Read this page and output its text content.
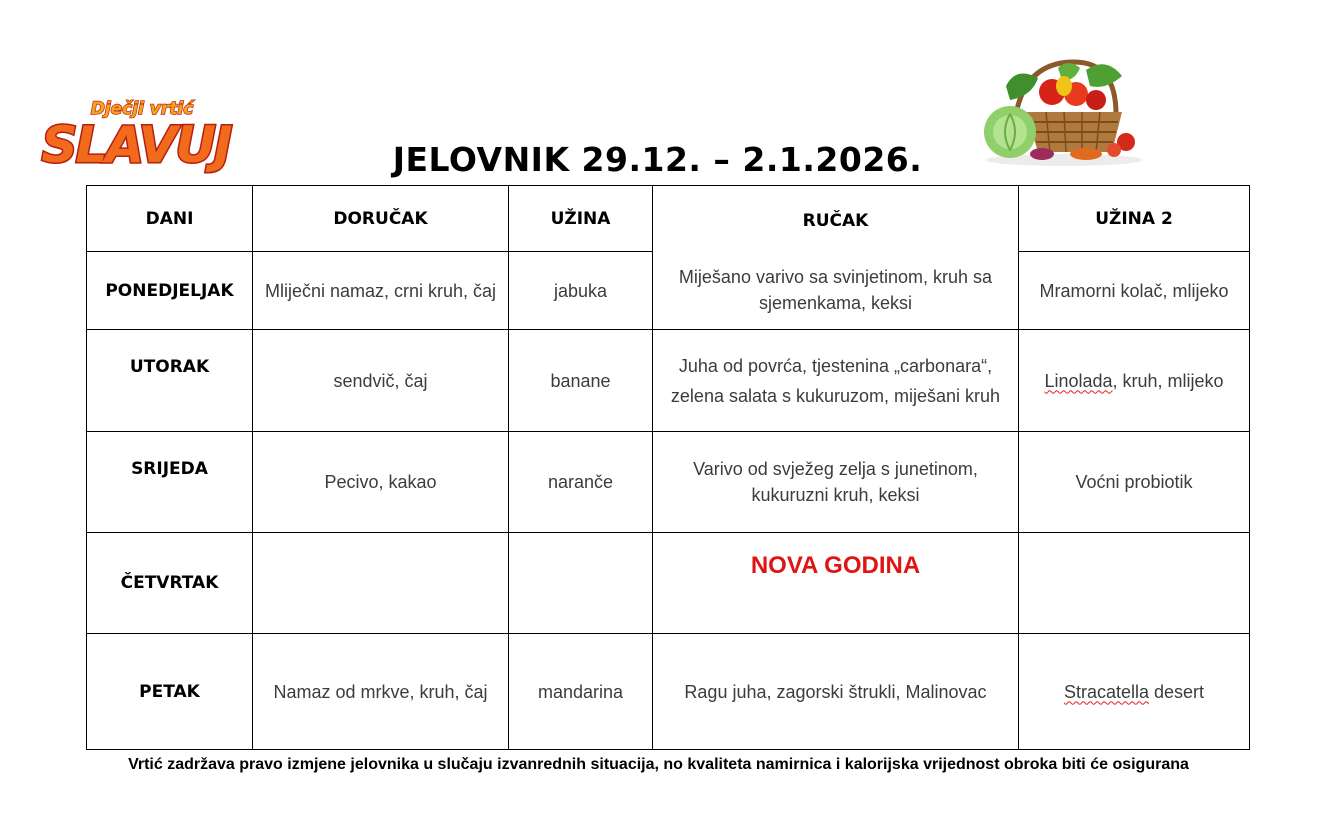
Dječji vrtić
SLAVUJ	JELOVNIK 29.12. – 2.1.2026.
DANI	DORUČAK	UŽINA	RUČAK	UŽINA 2
PONEDJELJAK	Mliječni namaz, crni kruh, čaj	jabuka	Miješano varivo sa svinjetinom, kruh sa sjemenkama, keksi	Mramorni kolač, mlijeko
UTORAK	sendvič, čaj	banane	Juha od povrća, tjestenina „carbonara“, zelena salata s kukuruzom, miješani kruh	Linolada, kruh, mlijeko
SRIJEDA	Pecivo, kakao	naranče	Varivo od svježeg zelja s junetinom, kukuruzni kruh, keksi	Voćni probiotik
ČETVRTAK			NOVA GODINA	
PETAK	Namaz od mrkve, kruh, čaj	mandarina	Ragu juha, zagorski štrukli, Malinovac	Stracatella desert
Vrtić zadržava pravo izmjene jelovnika u slučaju izvanrednih situacija, no kvaliteta namirnica i kalorijska vrijednost obroka biti će osigurana
